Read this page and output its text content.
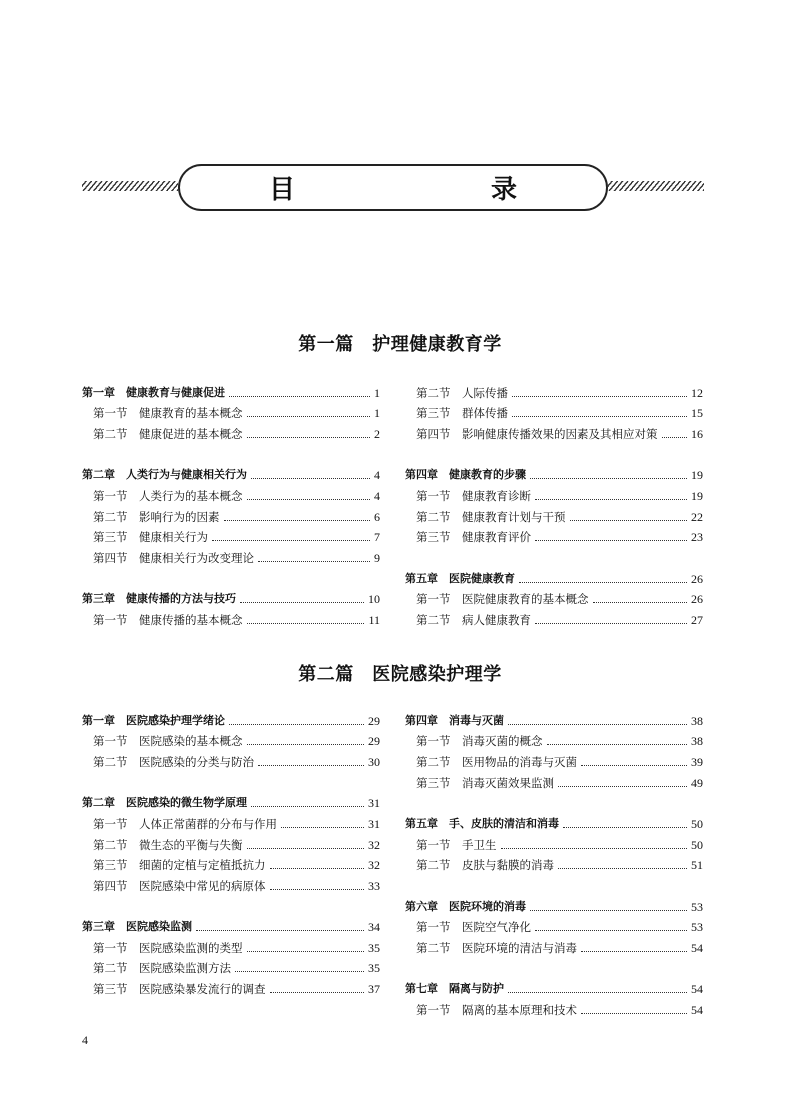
目　　录
第一篇　护理健康教育学
第二篇　医院感染护理学
第一章　健康教育与健康促进	1
第一节　健康教育的基本概念	1
第二节　健康促进的基本概念	2
第二章　人类行为与健康相关行为	4
第一节　人类行为的基本概念	4
第二节　影响行为的因素	6
第三节　健康相关行为	7
第四节　健康相关行为改变理论	9
第三章　健康传播的方法与技巧	10
第一节　健康传播的基本概念	11
第二节　人际传播	12
第三节　群体传播	15
第四节　影响健康传播效果的因素及其相应对策	16
第四章　健康教育的步骤	19
第一节　健康教育诊断	19
第二节　健康教育计划与干预	22
第三节　健康教育评价	23
第五章　医院健康教育	26
第一节　医院健康教育的基本概念	26
第二节　病人健康教育	27
第一章　医院感染护理学绪论	29
第一节　医院感染的基本概念	29
第二节　医院感染的分类与防治	30
第二章　医院感染的微生物学原理	31
第一节　人体正常菌群的分布与作用	31
第二节　微生态的平衡与失衡	32
第三节　细菌的定植与定植抵抗力	32
第四节　医院感染中常见的病原体	33
第三章　医院感染监测	34
第一节　医院感染监测的类型	35
第二节　医院感染监测方法	35
第三节　医院感染暴发流行的调查	37
第四章　消毒与灭菌	38
第一节　消毒灭菌的概念	38
第二节　医用物品的消毒与灭菌	39
第三节　消毒灭菌效果监测	49
第五章　手、皮肤的清洁和消毒	50
第一节　手卫生	50
第二节　皮肤与黏膜的消毒	51
第六章　医院环境的消毒	53
第一节　医院空气净化	53
第二节　医院环境的清洁与消毒	54
第七章　隔离与防护	54
第一节　隔离的基本原理和技术	54
4
